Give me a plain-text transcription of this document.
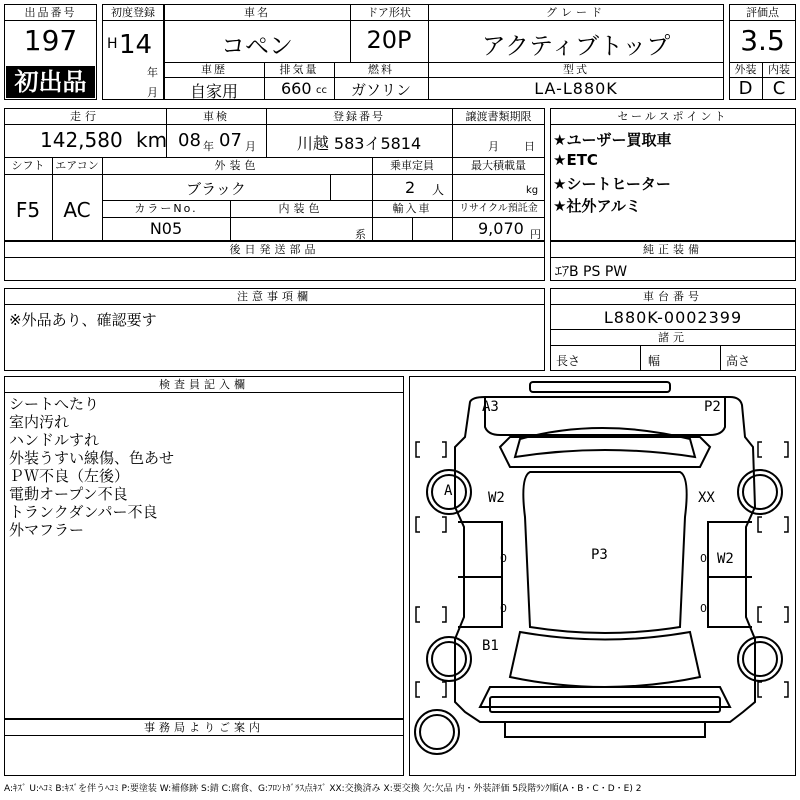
出品番号
197
初出品
初度登録
H 14
年
月
車名
コペン
ドア形状
20P
グレード
アクティブトップ
車歴
自家用
排気量
660 cc
燃料
ガソリン
型式
LA-L880K
評価点
3.5
外装	内装
D	C
走行
142,580 km
車検
08 年 07 月
登録番号
川越 583イ5814
譲渡書類期限
月 日
シフト
F5
エアコン
AC
外装色
ブラック
乗車定員
2 人
最大積載量
kg
カラーNo.
N05
内装色
系
輸入車	リサイクル預託金
9,070 円
セールスポイント
★ユーザー買取車
★ETC
★シートヒーター
★社外アルミ
後日発送部品	純正装備
ｴｱB PS PW
注意事項欄
※外品あり、確認要す
車台番号
L880K-0002399
諸元
長さ	幅	高さ
検査員記入欄
シートへたり
室内汚れ
ハンドルすれ
外装うすい線傷、色あせ
ＰＷ不良（左後）
電動オープン不良
トランクダンパー不良
外マフラー
事務局よりご案内
A3	P2
A	W2	XX
P3	W2
B1
0
0
0
0
A:ｷｽﾞ U:ﾍｺﾐ B:ｷｽﾞを伴うﾍｺﾐ P:要塗装 W:補修跡 S:錆 C:腐食、G:ﾌﾛﾝﾄｶﾞﾗｽ点ｷｽﾞ XX:交換済み X:要交換 欠:欠品 内・外装評価 5段階ﾗﾝｸ順(A・B・C・D・E) 2
